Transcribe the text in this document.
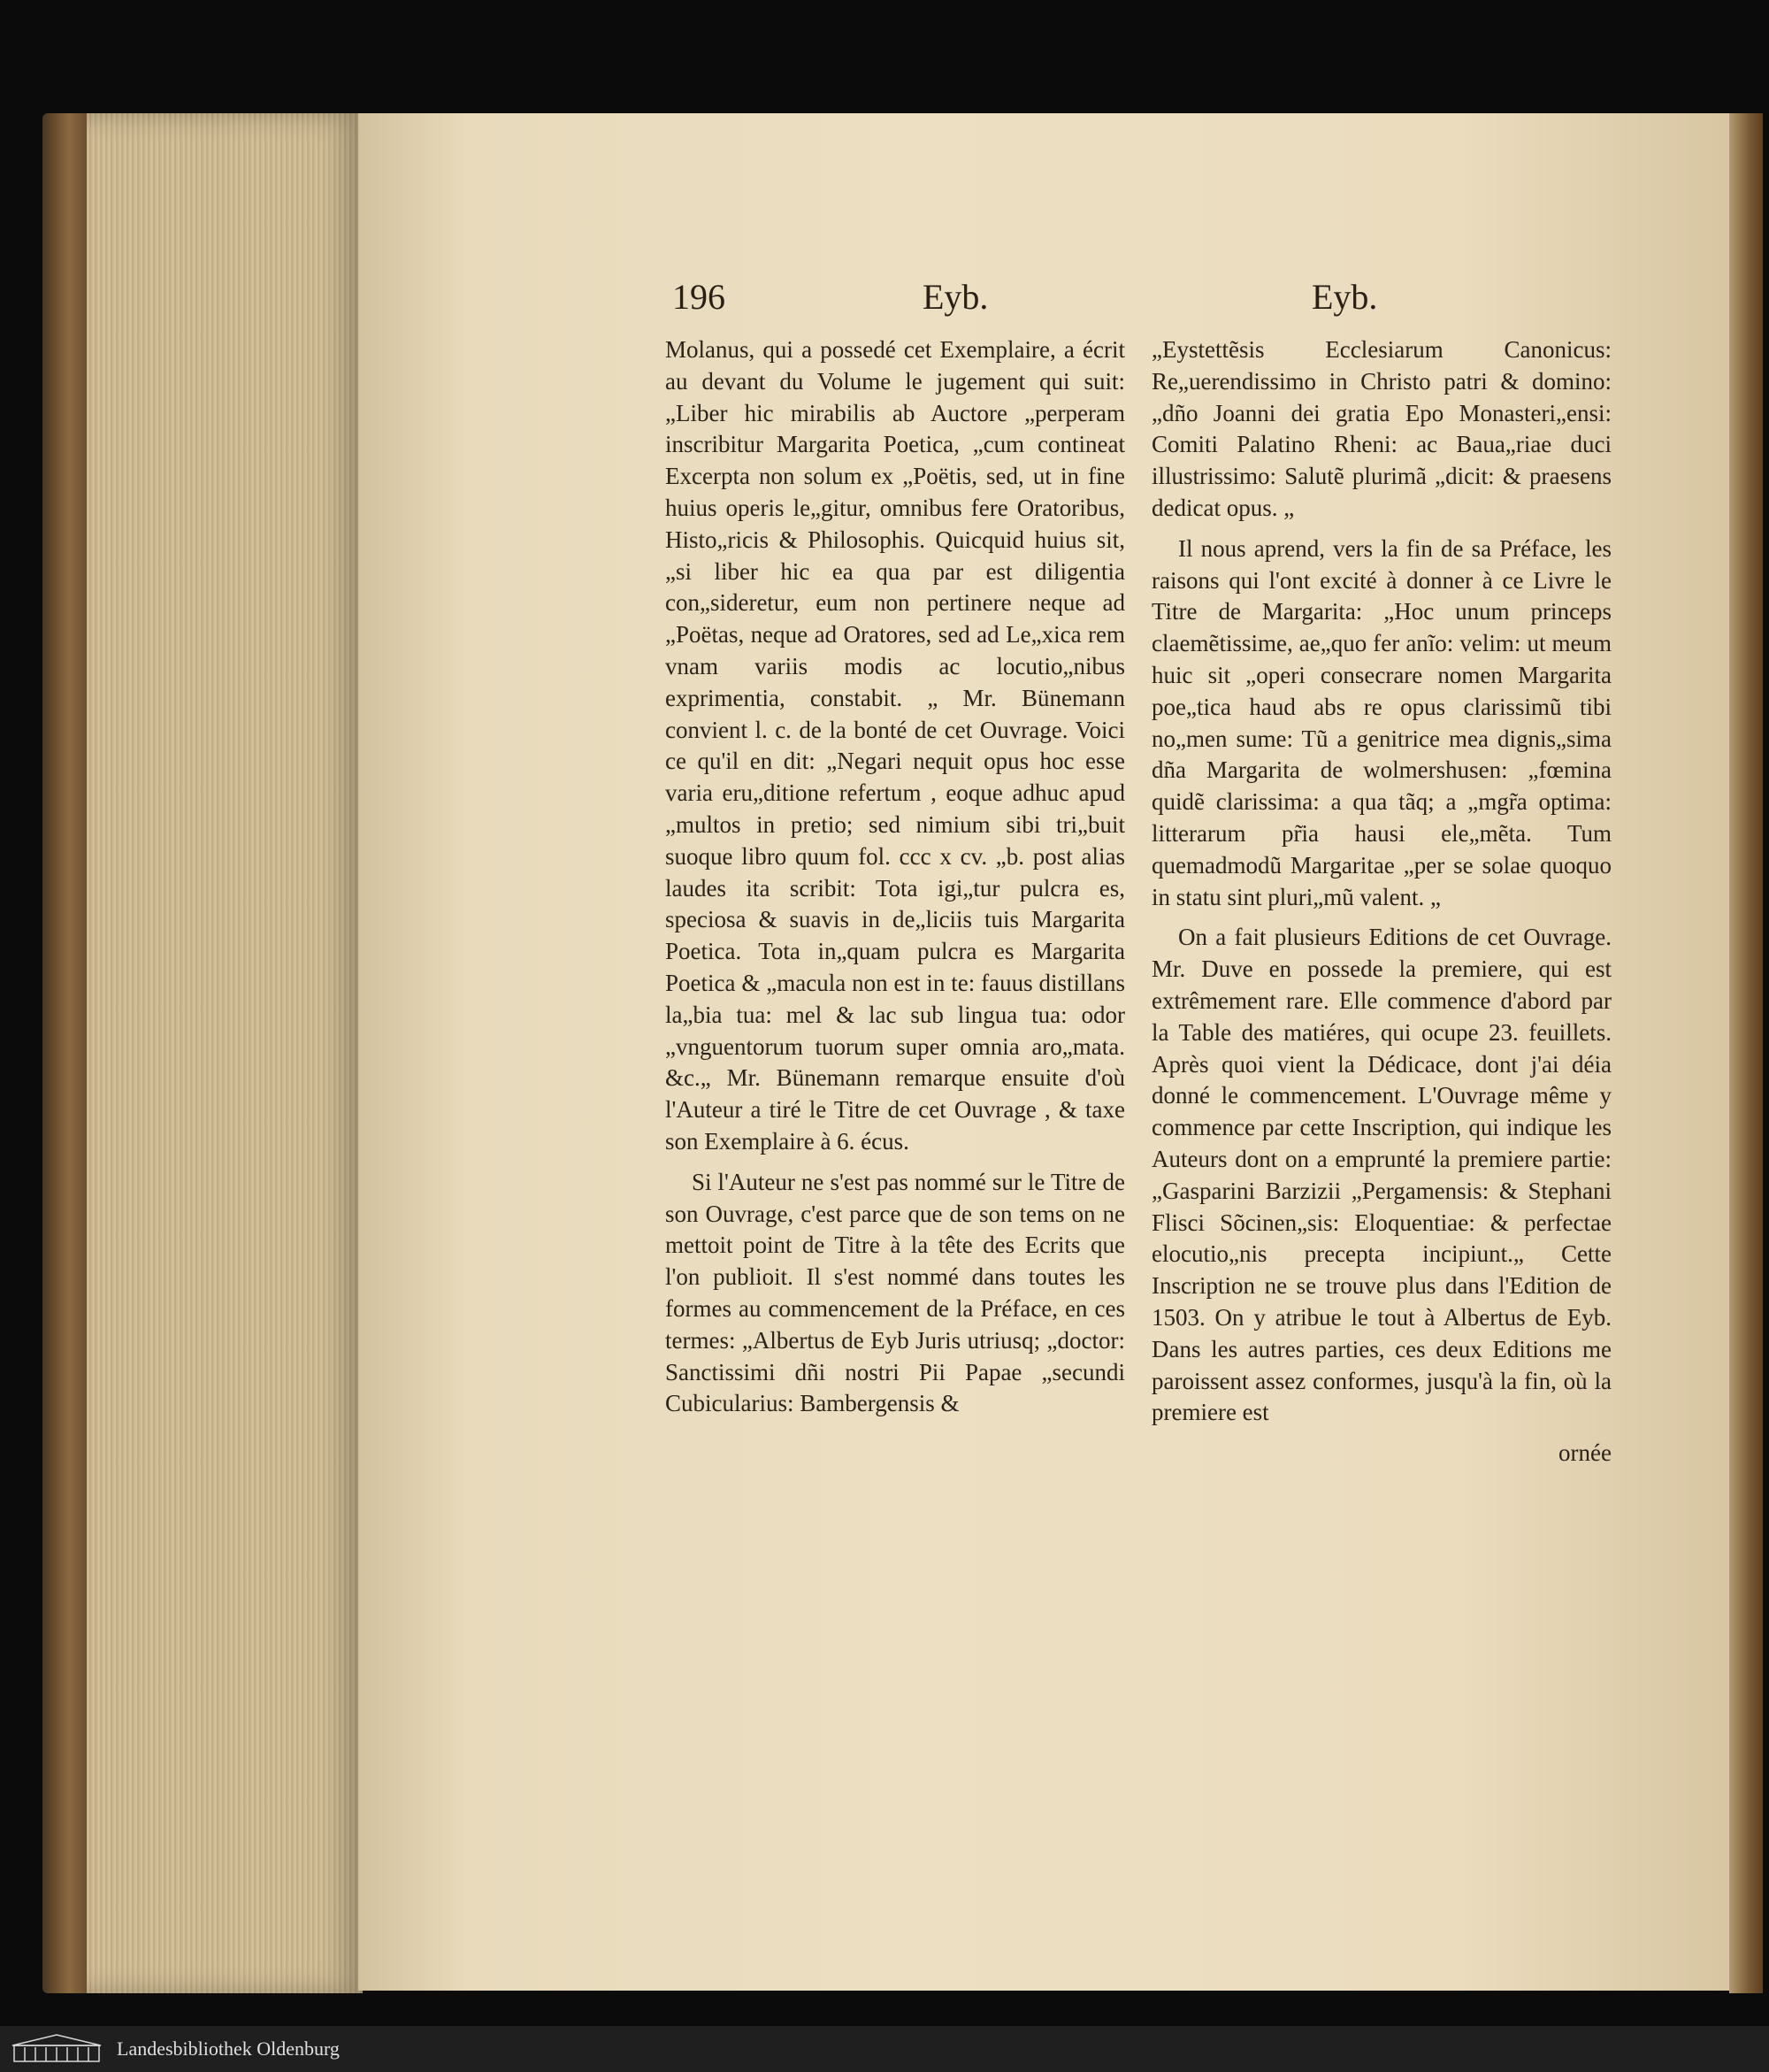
196	Eyb.	Eyb.

Molanus, qui a possedé cet Exemplaire, a écrit au devant du Volume le jugement qui suit: „Liber hic mirabilis ab Auctore „perperam inscribitur Margarita Poetica, „cum contineat Excerpta non solum ex „Poëtis, sed, ut in fine huius operis le„gitur, omnibus fere Oratoribus, Histo„ricis & Philosophis. Quicquid huius sit, „si liber hic ea qua par est diligentia con„sideretur, eum non pertinere neque ad „Poëtas, neque ad Oratores, sed ad Le„xica rem vnam variis modis ac locutio„nibus exprimentia, constabit. „ Mr. Bünemann convient l. c. de la bonté de cet Ouvrage. Voici ce qu'il en dit: „Negari nequit opus hoc esse varia eru„ditione refertum , eoque adhuc apud „multos in pretio; sed nimium sibi tri„buit suoque libro quum fol. ccc x cv. „b. post alias laudes ita scribit: Tota igi„tur pulcra es, speciosa & suavis in de„liciis tuis Margarita Poetica. Tota in„quam pulcra es Margarita Poetica & „macula non est in te: fauus distillans la„bia tua: mel & lac sub lingua tua: odor „vnguentorum tuorum super omnia aro„mata. &c.„ Mr. Bünemann remarque ensuite d'où l'Auteur a tiré le Titre de cet Ouvrage , & taxe son Exemplaire à 6. écus.

Si l'Auteur ne s'est pas nommé sur le Titre de son Ouvrage, c'est parce que de son tems on ne mettoit point de Titre à la tête des Ecrits que l'on publioit. Il s'est nommé dans toutes les formes au commencement de la Préface, en ces termes: „Albertus de Eyb Juris utriusq; „doctor: Sanctissimi dñi nostri Pii Papae „secundi Cubicularius: Bambergensis &

„Eystettẽsis Ecclesiarum Canonicus: Re„uerendissimo in Christo patri & domino: „dño Joanni dei gratia Epo Monasteri„ensi: Comiti Palatino Rheni: ac Baua„riae duci illustrissimo: Salutẽ plurimã „dicit: & praesens dedicat opus. „

Il nous aprend, vers la fin de sa Préface, les raisons qui l'ont excité à donner à ce Livre le Titre de Margarita: „Hoc unum princeps claemẽtissime, ae„quo fer anĩo: velim: ut meum huic sit „operi consecrare nomen Margarita poe„tica haud abs re opus clarissimũ tibi no„men sume: Tũ a genitrice mea dignis„sima dña Margarita de wolmershusen: „fœmina quidẽ clarissima: a qua tãq; a „mgr̃a optima: litterarum pr̃ia hausi ele„mẽta. Tum quemadmodũ Margaritae „per se solae quoquo in statu sint pluri„mũ valent. „

On a fait plusieurs Editions de cet Ouvrage. Mr. Duve en possede la premiere, qui est extrêmement rare. Elle commence d'abord par la Table des matiéres, qui ocupe 23. feuillets. Après quoi vient la Dédicace, dont j'ai déia donné le commencement. L'Ouvrage même y commence par cette Inscription, qui indique les Auteurs dont on a emprunté la premiere partie: „Gasparini Barzizii „Pergamensis: & Stephani Flisci Sõcinen„sis: Eloquentiae: & perfectae elocutio„nis precepta incipiunt.„ Cette Inscription ne se trouve plus dans l'Edition de 1503. On y atribue le tout à Albertus de Eyb. Dans les autres parties, ces deux Editions me paroissent assez conformes, jusqu'à la fin, où la premiere est

ornée

Landesbibliothek Oldenburg
